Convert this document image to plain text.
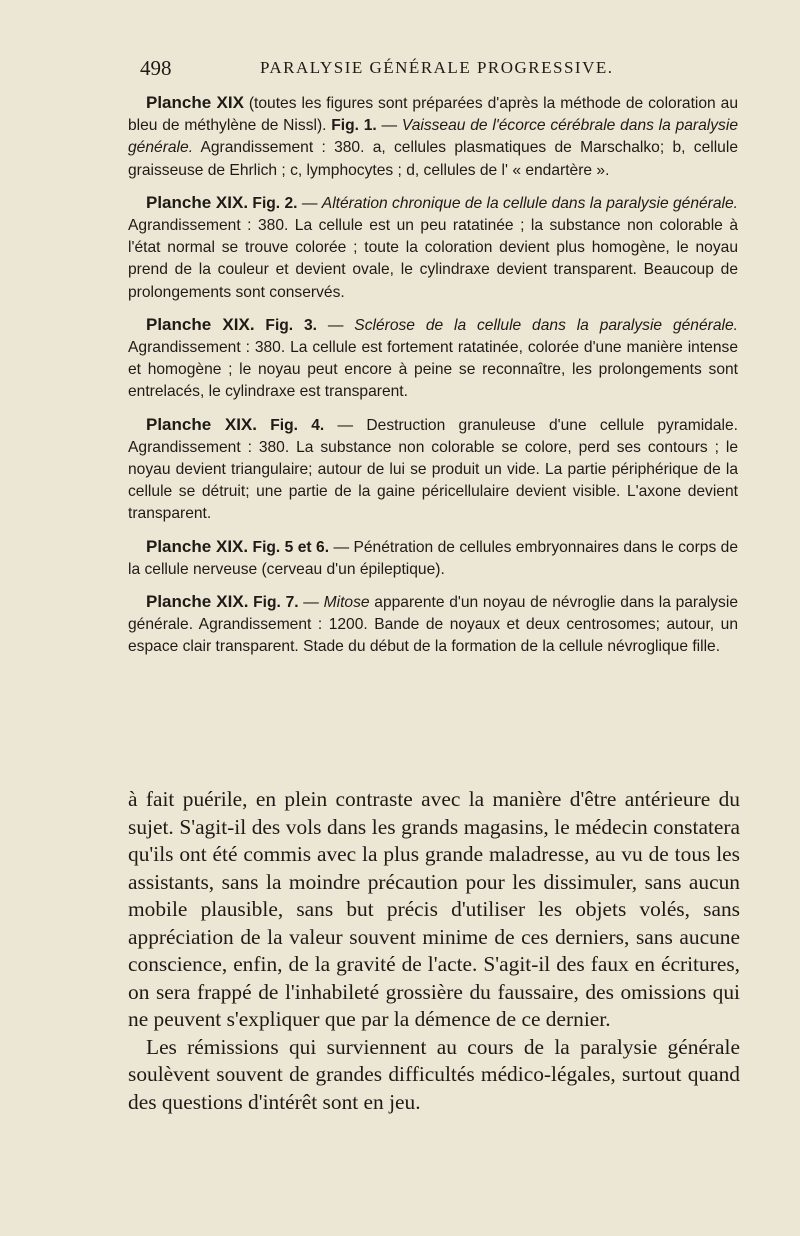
498	PARALYSIE GÉNÉRALE PROGRESSIVE.

Planche XIX (toutes les figures sont préparées d'après la méthode de coloration au bleu de méthylène de Nissl). Fig. 1. — Vaisseau de l'écorce cérébrale dans la paralysie générale. Agrandissement : 380. a, cellules plasmatiques de Marschalko; b, cellule graisseuse de Ehrlich ; c, lymphocytes ; d, cellules de l' « endartère ».

Planche XIX. Fig. 2. — Altération chronique de la cellule dans la paralysie générale. Agrandissement : 380. La cellule est un peu ratatinée ; la substance non colorable à l'état normal se trouve colorée ; toute la coloration devient plus homogène, le noyau prend de la couleur et devient ovale, le cylindraxe devient transparent. Beaucoup de prolongements sont conservés.

Planche XIX. Fig. 3. — Sclérose de la cellule dans la paralysie générale. Agrandissement : 380. La cellule est fortement ratatinée, colorée d'une manière intense et homogène ; le noyau peut encore à peine se reconnaître, les prolongements sont entrelacés, le cylindraxe est transparent.

Planche XIX. Fig. 4. — Destruction granuleuse d'une cellule pyramidale. Agrandissement : 380. La substance non colorable se colore, perd ses contours ; le noyau devient triangulaire; autour de lui se produit un vide. La partie périphérique de la cellule se détruit; une partie de la gaine péricellulaire devient visible. L'axone devient transparent.

Planche XIX. Fig. 5 et 6. — Pénétration de cellules embryonnaires dans le corps de la cellule nerveuse (cerveau d'un épileptique).

Planche XIX. Fig. 7. — Mitose apparente d'un noyau de névroglie dans la paralysie générale. Agrandissement : 1200. Bande de noyaux et deux centrosomes; autour, un espace clair transparent. Stade du début de la formation de la cellule névroglique fille.

à fait puérile, en plein contraste avec la manière d'être antérieure du sujet. S'agit-il des vols dans les grands magasins, le médecin constatera qu'ils ont été commis avec la plus grande maladresse, au vu de tous les assistants, sans la moindre précaution pour les dissimuler, sans aucun mobile plausible, sans but précis d'utiliser les objets volés, sans appréciation de la valeur souvent minime de ces derniers, sans aucune conscience, enfin, de la gravité de l'acte. S'agit-il des faux en écritures, on sera frappé de l'inhabileté grossière du faussaire, des omissions qui ne peuvent s'expliquer que par la démence de ce dernier.

Les rémissions qui surviennent au cours de la paralysie générale soulèvent souvent de grandes difficultés médico-légales, surtout quand des questions d'intérêt sont en jeu.
